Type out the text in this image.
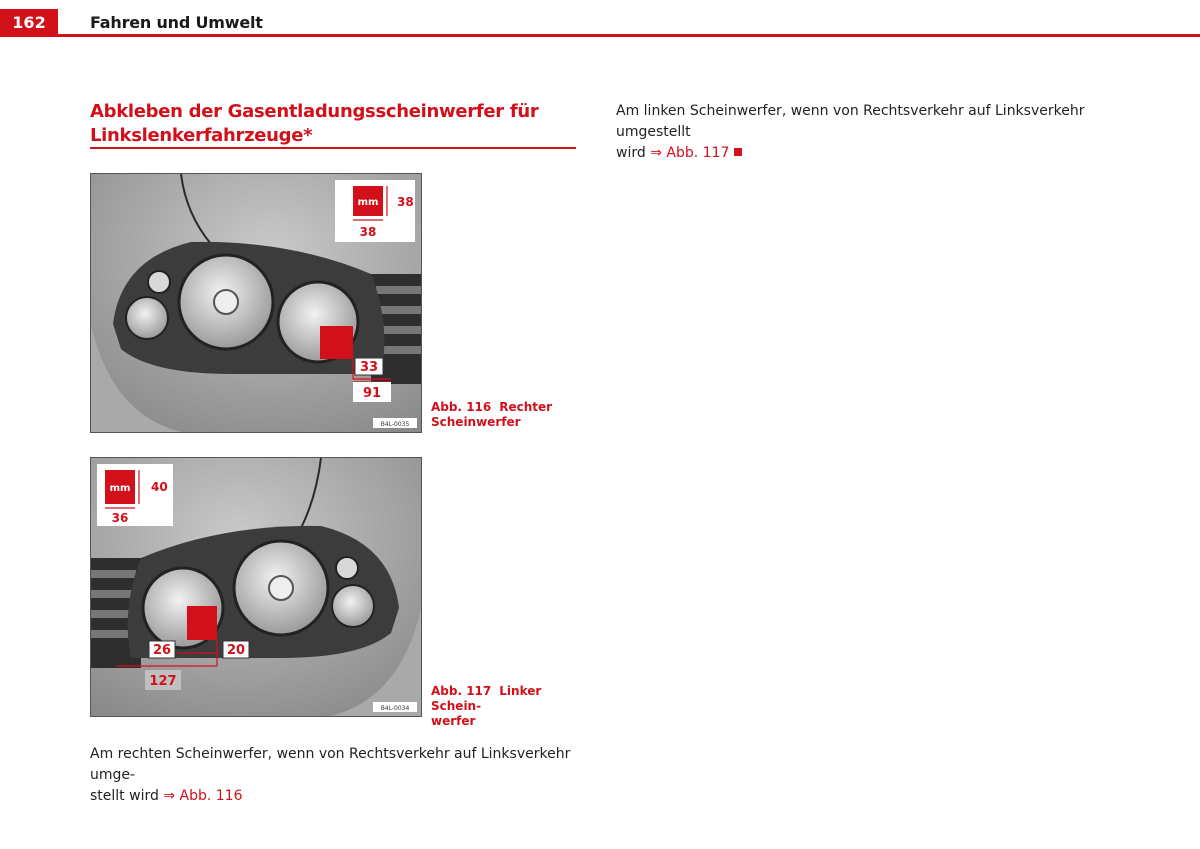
162	Fahren und Umwelt
Abkleben der Gasentladungsscheinwerfer für
Linkslenkerfahrzeuge*
33
91
mm 38
38
B4L-0035
Abb. 116 Rechter
Scheinwerfer
26	20
127
mm 40
36
B4L-0034
Abb. 117 Linker Schein-
werfer
Am rechten Scheinwerfer, wenn von Rechtsverkehr auf Linksverkehr umge-
stellt wird ⇒ Abb. 116
Am linken Scheinwerfer, wenn von Rechtsverkehr auf Linksverkehr umgestellt
wird ⇒ Abb. 117
